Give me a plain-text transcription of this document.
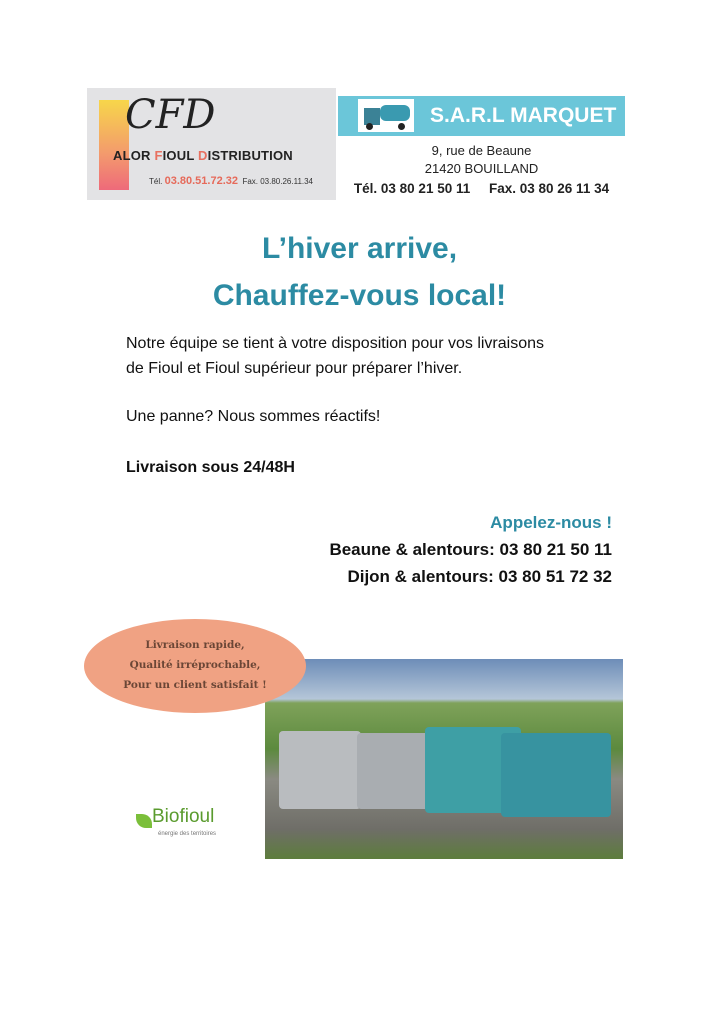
CFD
ALOR FIOUL DISTRIBUTION
Tél. 03.80.51.72.32 Fax. 03.80.26.11.34
S.A.R.L MARQUET
9, rue de Beaune
21420 BOUILLAND
Tél. 03 80 21 50 11     Fax. 03 80 26 11 34
L’hiver arrive,
Chauffez-vous local!
Notre équipe se tient à votre disposition pour vos livraisons
de Fioul et Fioul supérieur pour préparer l’hiver.
Une panne? Nous sommes réactifs!
Livraison sous 24/48H
Appelez-nous !
Beaune & alentours: 03 80 21 50 11
Dijon & alentours: 03 80 51 72 32
Livraison rapide,
Qualité irréprochable,
Pour un client satisfait !
Biofioul
énergie des territoires
